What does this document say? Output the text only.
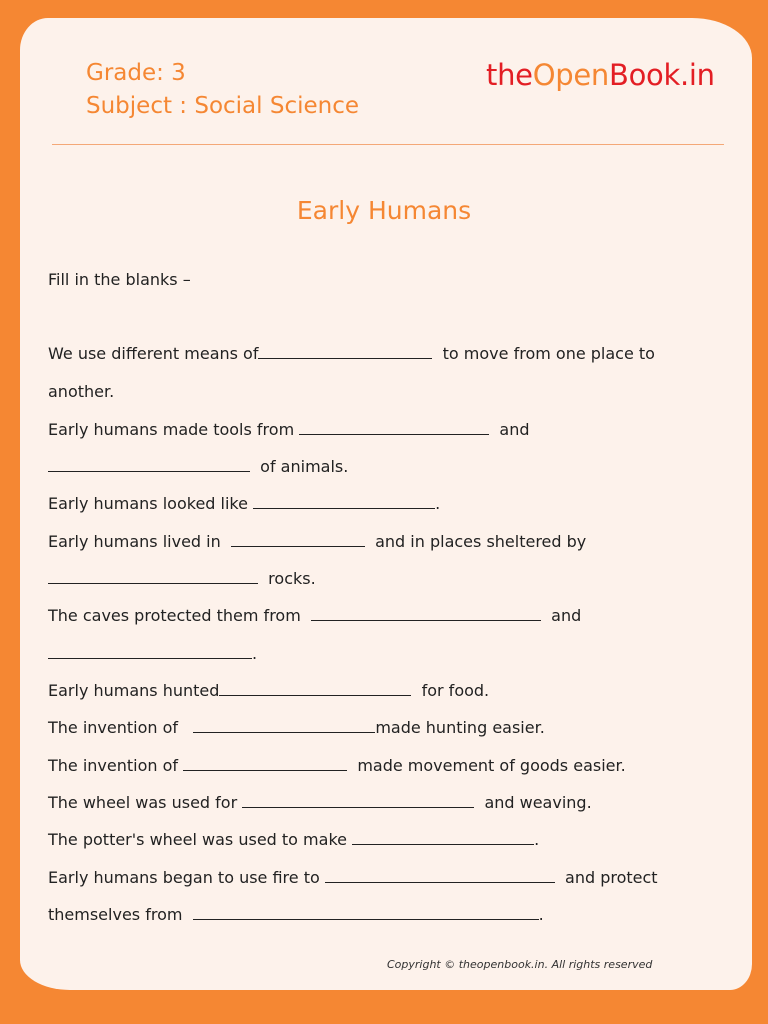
Grade: 3
Subject : Social Science
theOpenBook.in
Early Humans
Fill in the blanks –
We use different means of	to move from one place to
another.
Early humans made tools from	and
of animals.
Early humans looked like	.
Early humans lived in	and in places sheltered by
rocks.
The caves protected them from	and
.
Early humans hunted	for food.
The invention of	made hunting easier.
The invention of	made movement of goods easier.
The wheel was used for	and weaving.
The potter's wheel was used to make	.
Early humans began to use fire to	and protect
themselves from	.
Copyright © theopenbook.in. All rights reserved
